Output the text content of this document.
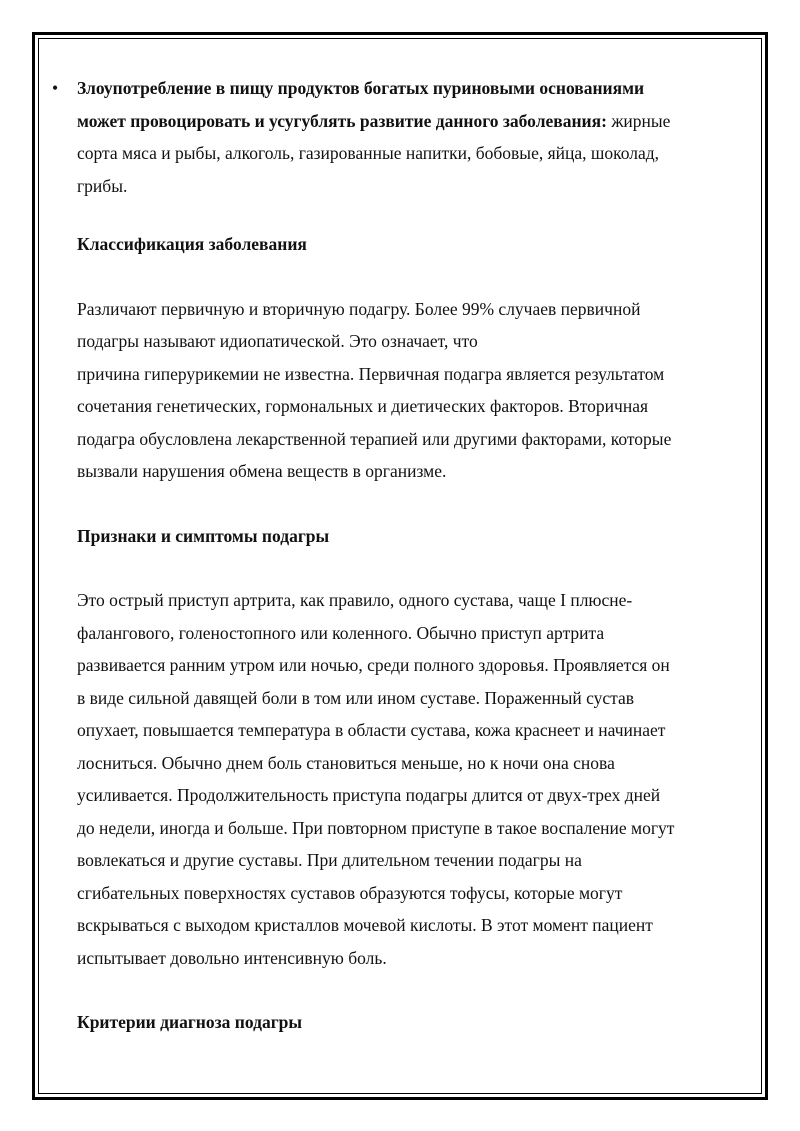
• Злоупотребление в пищу продуктов богатых пуриновыми основаниями
может провоцировать и усугублять развитие данного заболевания: жирные
сорта мяса и рыбы, алкоголь, газированные напитки, бобовые, яйца, шоколад,
грибы.

Классификация заболевания

Различают первичную и вторичную подагру. Более 99% случаев первичной
подагры называют идиопатической. Это означает, что
причина гиперурикемии не известна. Первичная подагра является результатом
сочетания генетических, гормональных и диетических факторов. Вторичная
подагра обусловлена лекарственной терапией или другими факторами, которые
вызвали нарушения обмена веществ в организме.

Признаки и симптомы подагры

Это острый приступ артрита, как правило, одного сустава, чаще I плюсне-
фалангового, голеностопного или коленного. Обычно приступ артрита
развивается ранним утром или ночью, среди полного здоровья. Проявляется он
в виде сильной давящей боли в том или ином суставе. Пораженный сустав
опухает, повышается температура в области сустава, кожа краснеет и начинает
лосниться. Обычно днем боль становиться меньше, но к ночи она снова
усиливается. Продолжительность приступа подагры длится от двух-трех дней
до недели, иногда и больше. При повторном приступе в такое воспаление могут
вовлекаться и другие суставы. При длительном течении подагры на
сгибательных поверхностях суставов образуются тофусы, которые могут
вскрываться с выходом кристаллов мочевой кислоты. В этот момент пациент
испытывает довольно интенсивную боль.

Критерии диагноза подагры
